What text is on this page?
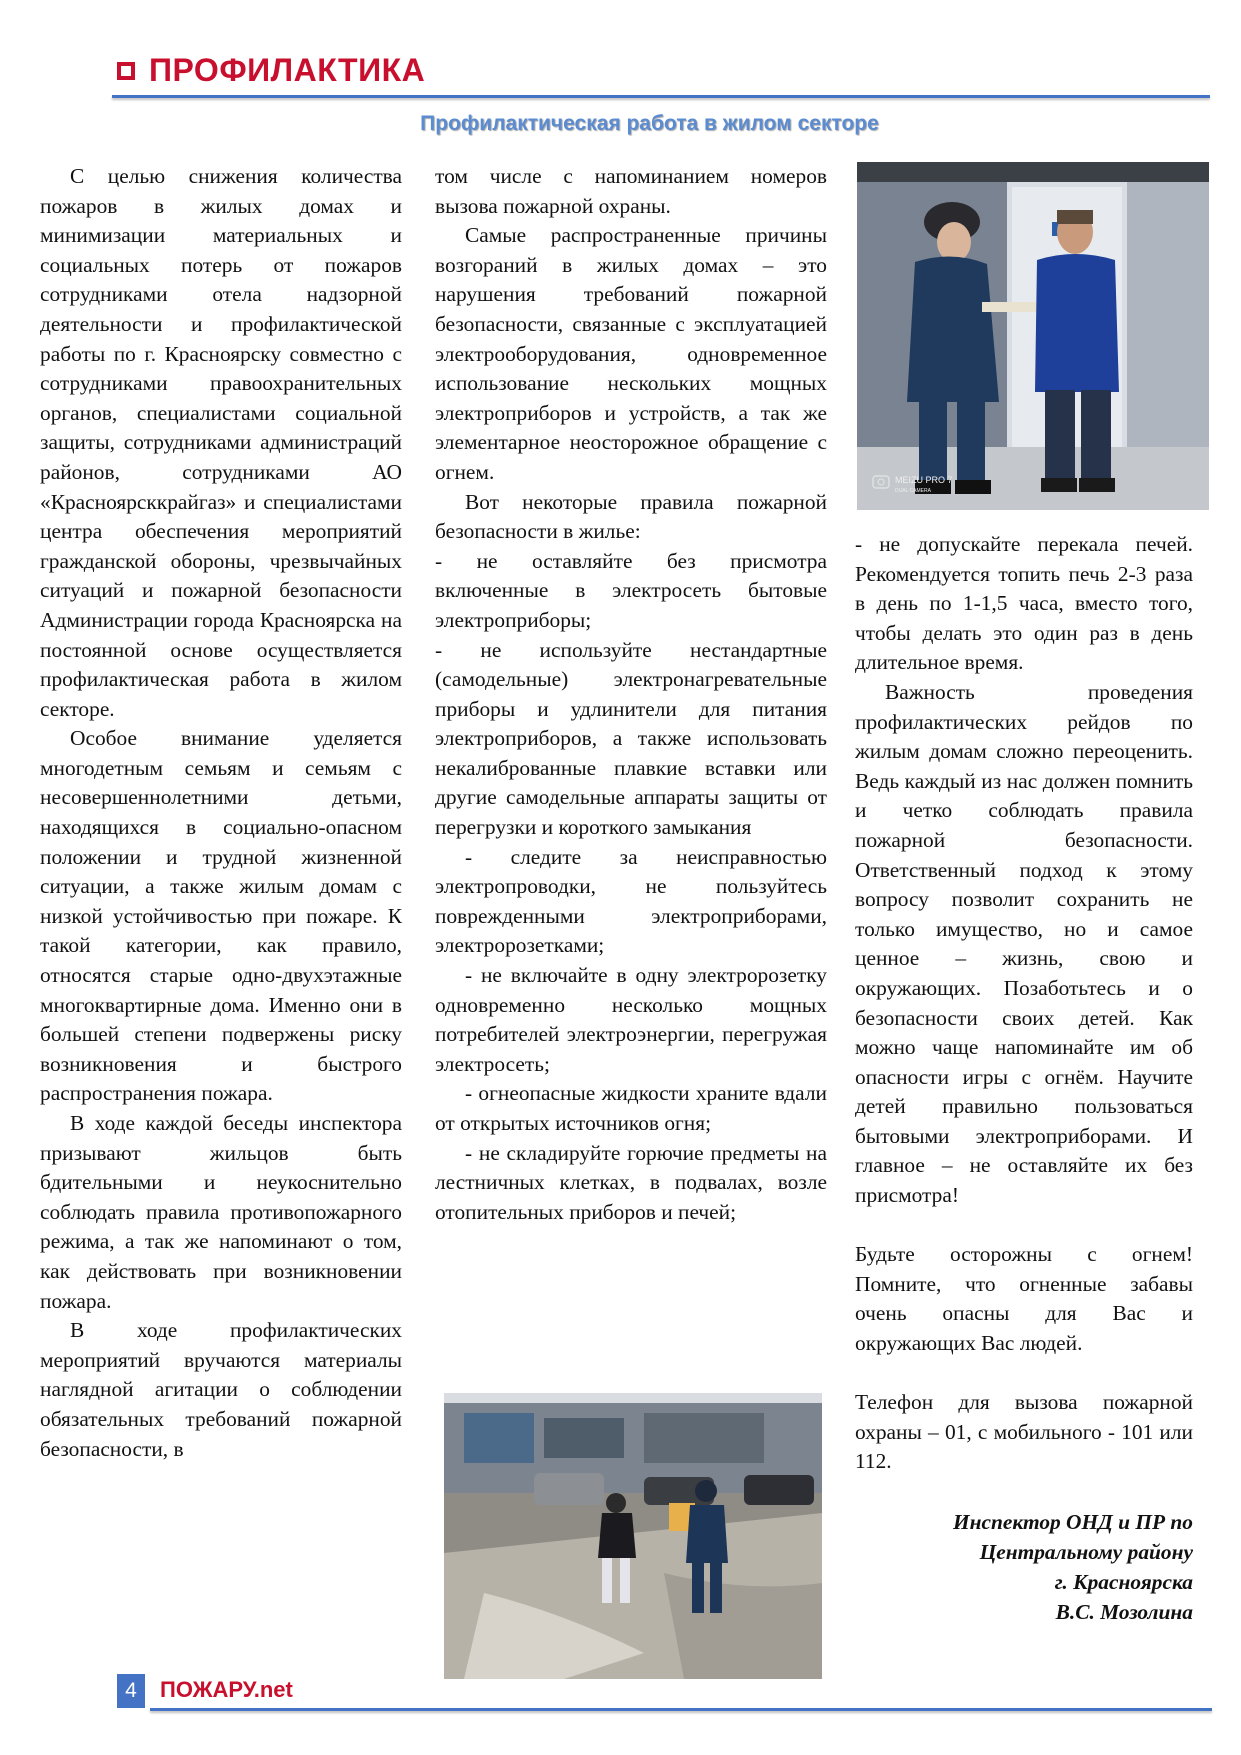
ПРОФИЛАКТИКА
Профилактическая работа в жилом секторе

С целью снижения количества пожаров в жилых домах и минимизации материальных и социальных потерь от пожаров сотрудниками отела надзорной деятельности и профилактической работы по г. Красноярску совместно с сотрудниками правоохранительных органов, специалистами социальной защиты, сотрудниками администраций районов, сотрудниками АО «Красноярсккрайгаз» и специалистами центра обеспечения мероприятий гражданской обороны, чрезвычайных ситуаций и пожарной безопасности Администрации города Красноярска на постоянной основе осуществляется профилактическая работа в жилом секторе.

Особое внимание уделяется многодетным семьям и семьям с несовершеннолетними детьми, находящихся в социально-опасном положении и трудной жизненной ситуации, а также жилым домам с низкой устойчивостью при пожаре. К такой категории, как правило, относятся старые одно-двухэтажные многоквартирные дома. Именно они в большей степени подвержены риску возникновения и быстрого распространения пожара.

В ходе каждой беседы инспектора призывают жильцов быть бдительными и неукоснительно соблюдать правила противопожарного режима, а так же напоминают о том, как действовать при возникновении пожара.

В ходе профилактических мероприятий вручаются материалы наглядной агитации о соблюдении обязательных требований пожарной безопасности, в

том числе с напоминанием номеров вызова пожарной охраны.

Самые распространенные причины возгораний в жилых домах – это нарушения требований пожарной безопасности, связанные с эксплуатацией электрооборудования, одновременное использование нескольких мощных электроприборов и устройств, а так же элементарное неосторожное обращение с огнем.

Вот некоторые правила пожарной безопасности в жилье:

- не оставляйте без присмотра включенные в электросеть бытовые электроприборы;

- не используйте нестандартные (самодельные) электронагревательные приборы и удлинители для питания электроприборов, а также использовать некалиброванные плавкие вставки или другие самодельные аппараты защиты от перегрузки и короткого замыкания

- следите за неисправностью электропроводки, не пользуйтесь поврежденными электроприборами, электророзетками;

- не включайте в одну электророзетку одновременно несколько мощных потребителей электроэнергии, перегружая электросеть;

- огнеопасные жидкости храните вдали от открытых источников огня;

- не складируйте горючие предметы на лестничных клетках, в подвалах, возле отопительных приборов и печей;

MEIZU PRO 7
DUAL CAMERA

- не допускайте перекала печей. Рекомендуется топить печь 2-3 раза в день по 1-1,5 часа, вместо того, чтобы делать это один раз в день длительное время.

Важность проведения профилактических рейдов по жилым домам сложно переоценить. Ведь каждый из нас должен помнить и четко соблюдать правила пожарной безопасности. Ответственный подход к этому вопросу позволит сохранить не только имущество, но и самое ценное – жизнь, свою и окружающих. Позаботьтесь и о безопасности своих детей. Как можно чаще напоминайте им об опасности игры с огнём. Научите детей правильно пользоваться бытовыми электроприборами. И главное – не оставляйте их без присмотра!

Будьте осторожны с огнем! Помните, что огненные забавы очень опасны для Вас и окружающих Вас людей.

Телефон для вызова пожарной охраны – 01, с мобильного - 101 или 112.

Инспектор ОНД и ПР по
Центральному району
г. Красноярска
В.С. Мозолина
4	ПОЖАРУ.net
